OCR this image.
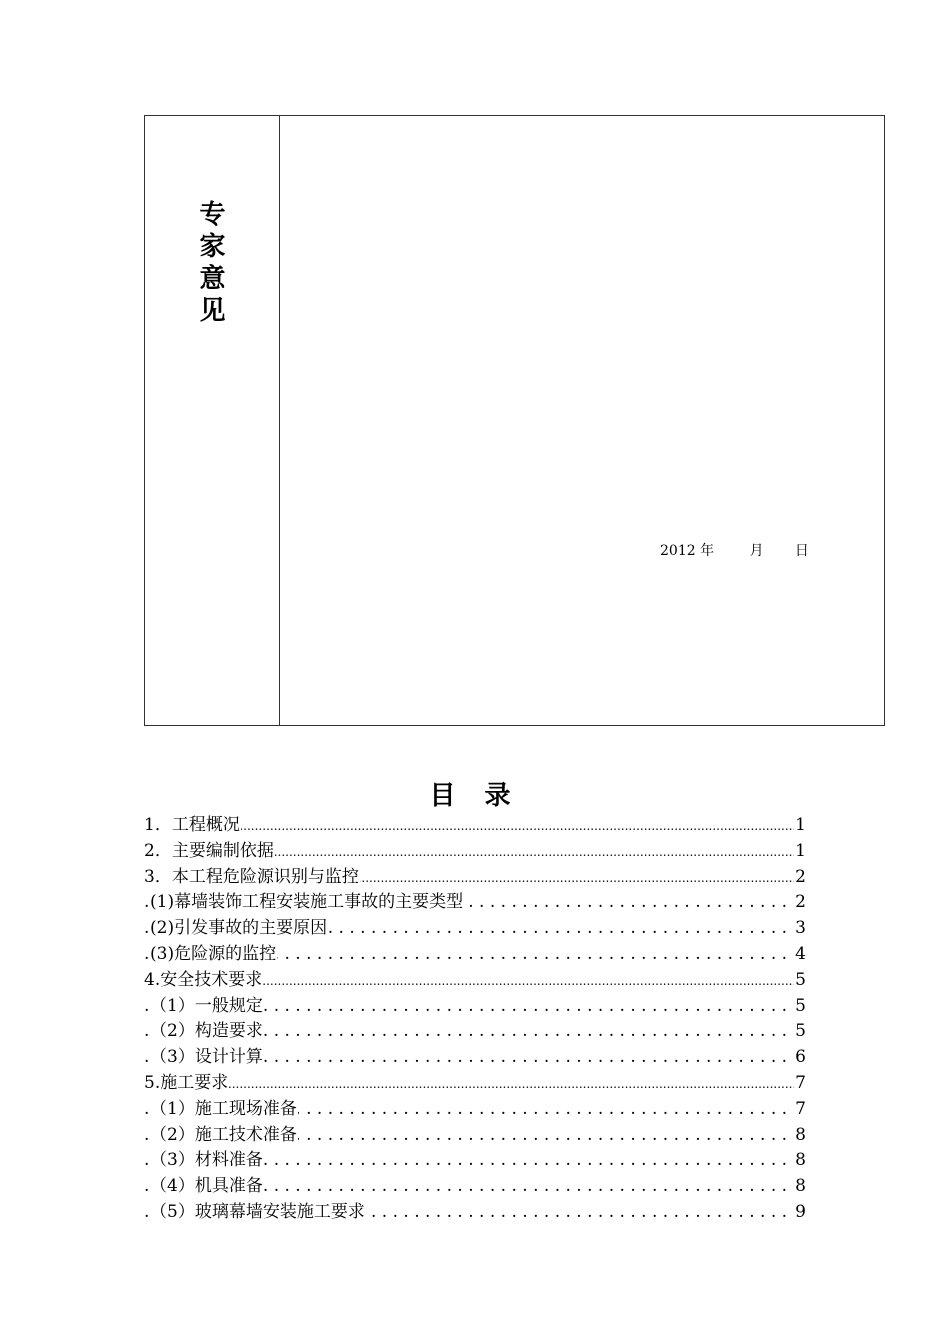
专
家
意
见
2012 年        月       日
目 录
.....
1．工程概况	1
.....
2．主要编制依据	1
.....
3．本工程危险源识别与监控	2
. . .
(1)幕墙装饰工程安装施工事故的主要类型	2
. . .
(2)引发事故的主要原因	3
. . .
(3)危险源的监控	4
.....
4.安全技术要求	5
. . .
（1）一般规定	5
. . .
（2）构造要求	5
. . .
（3）设计计算	6
.....
5.施工要求	7
. . .
（1）施工现场准备	7
. . .
（2）施工技术准备	8
. . .
（3）材料准备	8
. . .
（4）机具准备	8
. . .
（5）玻璃幕墙安装施工要求	9
